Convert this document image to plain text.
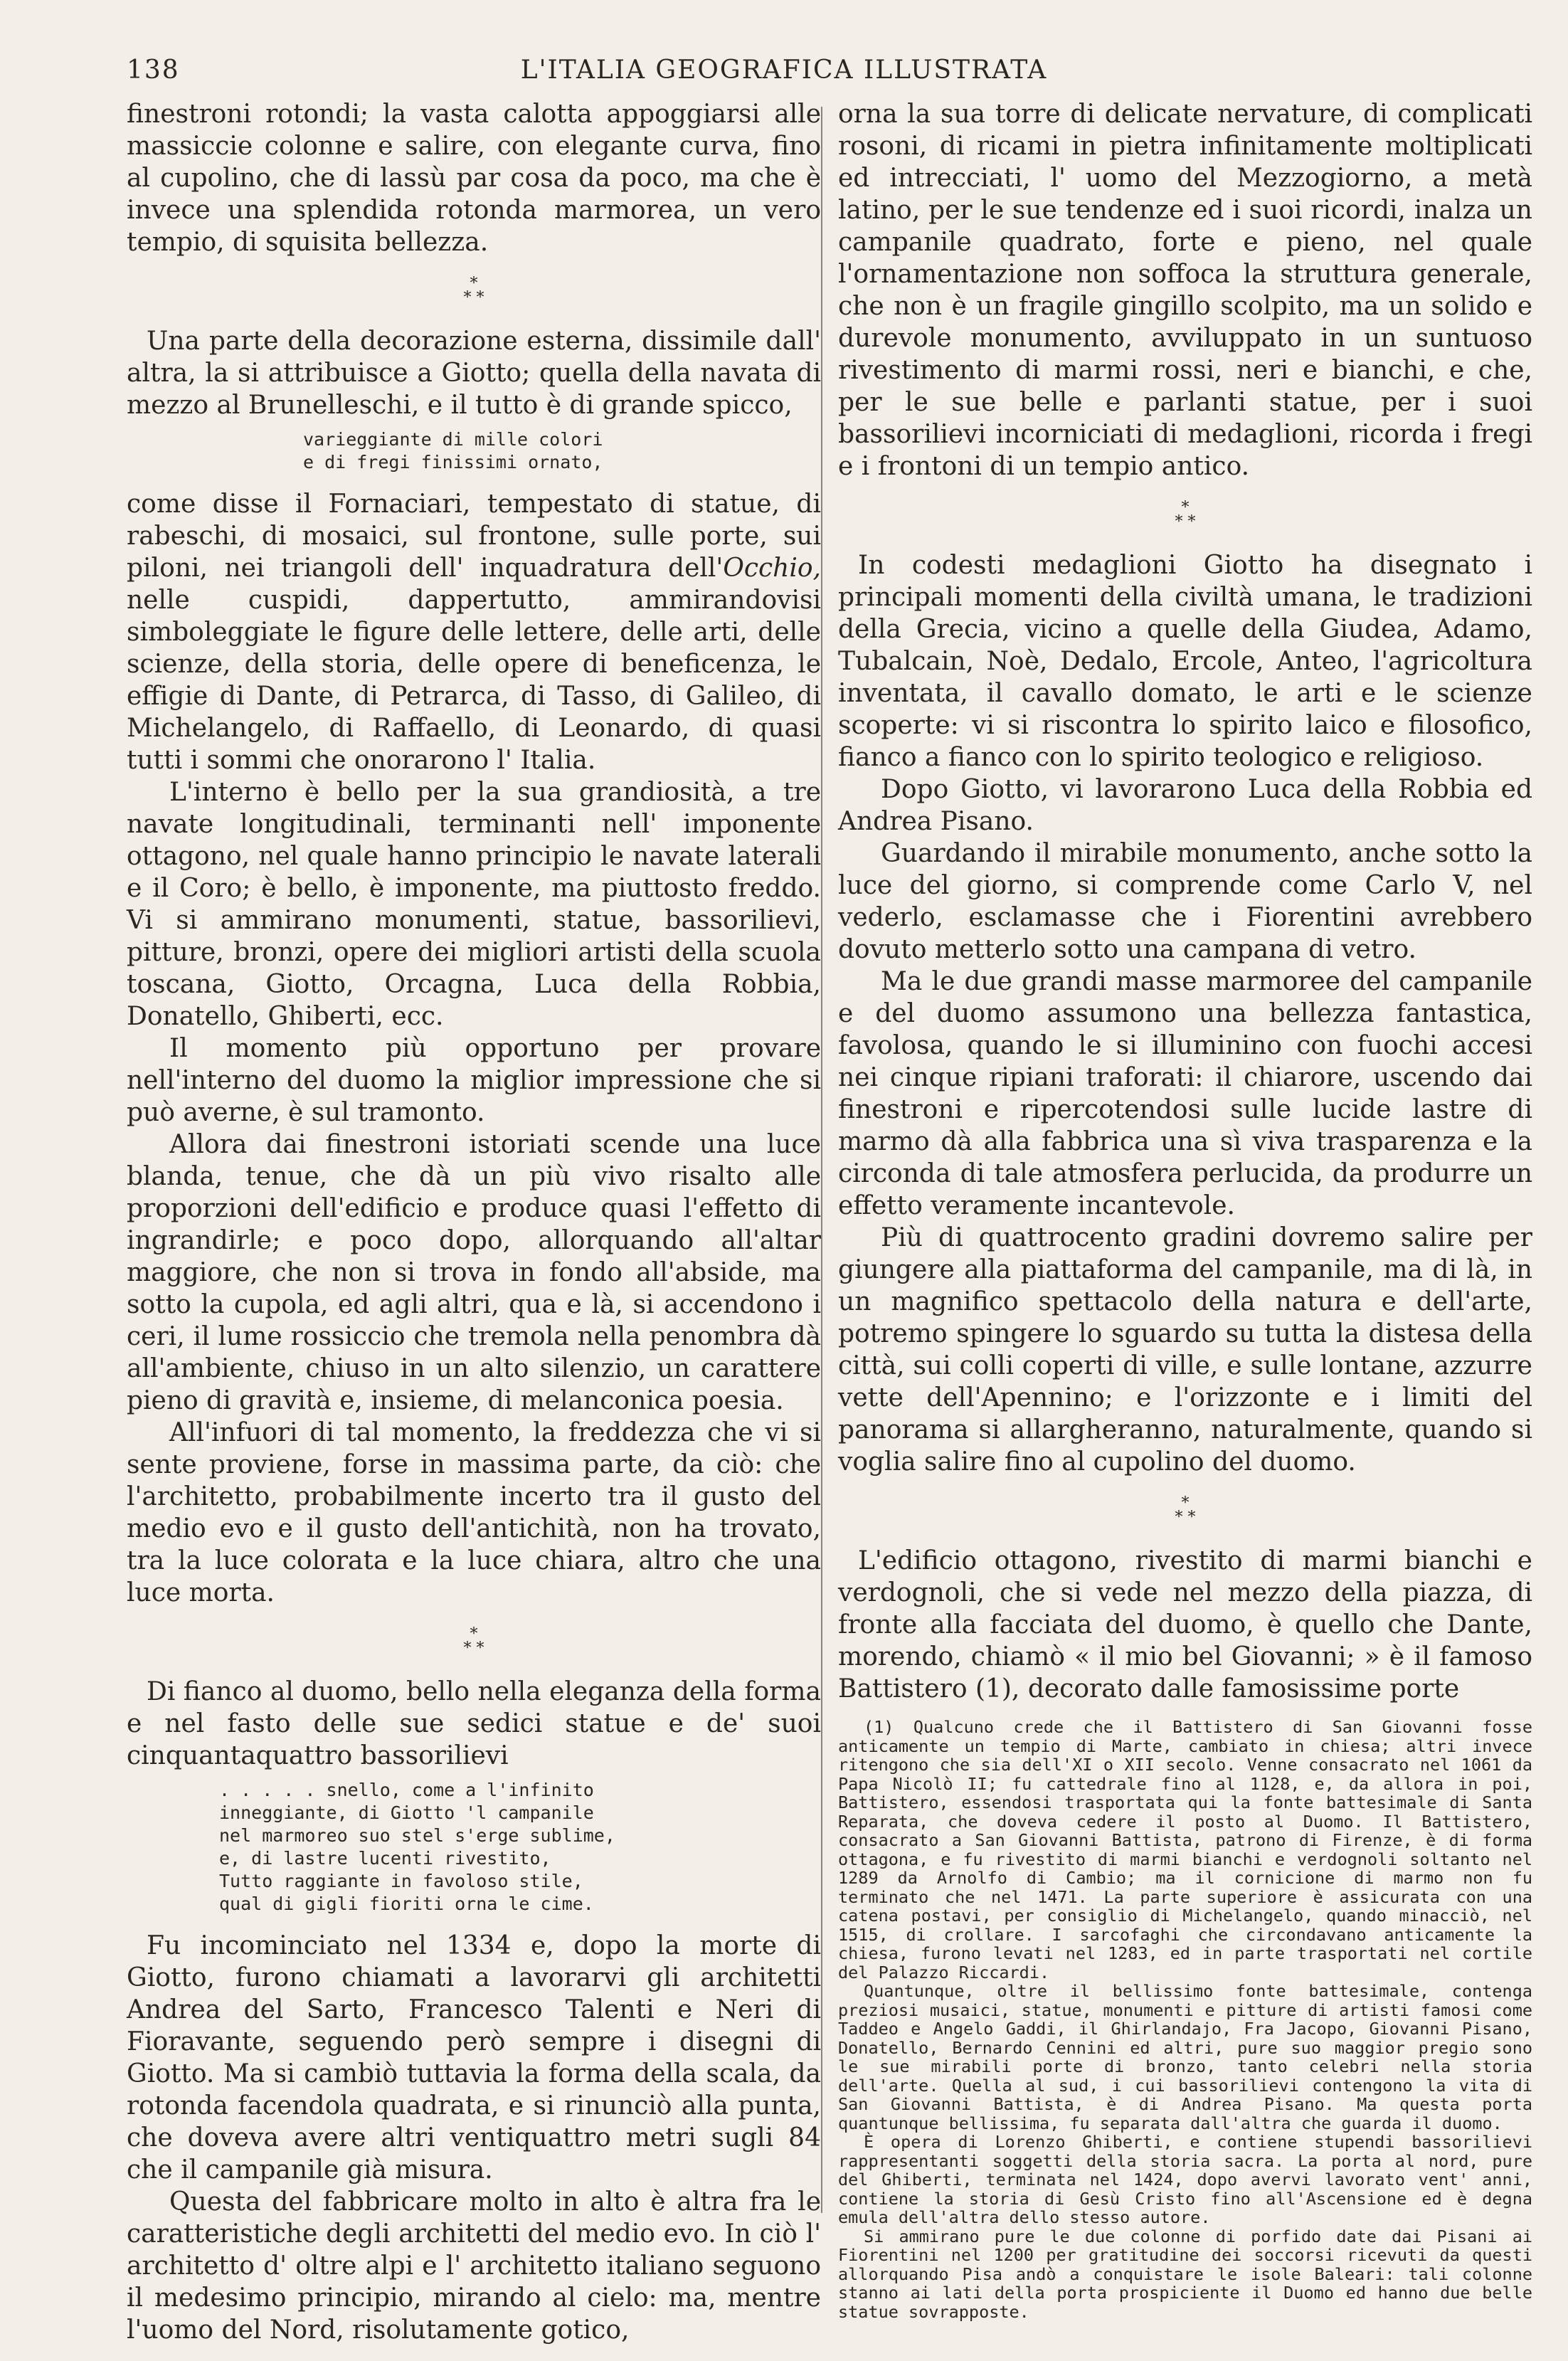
138	L'ITALIA GEOGRAFICA ILLUSTRATA

finestroni rotondi; la vasta calotta appoggiarsi alle massiccie colonne e salire, con elegante curva, fino al cupolino, che di lassù par cosa da poco, ma che è invece una splendida rotonda marmorea, un vero tempio, di squisita bellezza.

*
* *

Una parte della decorazione esterna, dissimile dall' altra, la si attribuisce a Giotto; quella della navata di mezzo al Brunelleschi, e il tutto è di grande spicco,

varieggiante di mille colori
e di fregi finissimi ornato,

come disse il Fornaciari, tempestato di statue, di rabeschi, di mosaici, sul frontone, sulle porte, sui piloni, nei triangoli dell' inquadratura dell'Occhio, nelle cuspidi, dappertutto, ammirandovisi simboleggiate le figure delle lettere, delle arti, delle scienze, della storia, delle opere di beneficenza, le effigie di Dante, di Petrarca, di Tasso, di Galileo, di Michelangelo, di Raffaello, di Leonardo, di quasi tutti i sommi che onorarono l' Italia.

L'interno è bello per la sua grandiosità, a tre navate longitudinali, terminanti nell' imponente ottagono, nel quale hanno principio le navate laterali e il Coro; è bello, è imponente, ma piuttosto freddo. Vi si ammirano monumenti, statue, bassorilievi, pitture, bronzi, opere dei migliori artisti della scuola toscana, Giotto, Orcagna, Luca della Robbia, Donatello, Ghiberti, ecc.

Il momento più opportuno per provare nell'interno del duomo la miglior impressione che si può averne, è sul tramonto.

Allora dai finestroni istoriati scende una luce blanda, tenue, che dà un più vivo risalto alle proporzioni dell'edificio e produce quasi l'effetto di ingrandirle; e poco dopo, allorquando all'altar maggiore, che non si trova in fondo all'abside, ma sotto la cupola, ed agli altri, qua e là, si accendono i ceri, il lume rossiccio che tremola nella penombra dà all'ambiente, chiuso in un alto silenzio, un carattere pieno di gravità e, insieme, di melanconica poesia.

All'infuori di tal momento, la freddezza che vi si sente proviene, forse in massima parte, da ciò: che l'architetto, probabilmente incerto tra il gusto del medio evo e il gusto dell'antichità, non ha trovato, tra la luce colorata e la luce chiara, altro che una luce morta.

*
* *

Di fianco al duomo, bello nella eleganza della forma e nel fasto delle sue sedici statue e de' suoi cinquantaquattro bassorilievi

. . . . . snello, come a l'infinito
inneggiante, di Giotto 'l campanile
nel marmoreo suo stel s'erge sublime,
e, di lastre lucenti rivestito,
Tutto raggiante in favoloso stile,
qual di gigli fioriti orna le cime.

Fu incominciato nel 1334 e, dopo la morte di Giotto, furono chiamati a lavorarvi gli architetti Andrea del Sarto, Francesco Talenti e Neri di Fioravante, seguendo però sempre i disegni di Giotto. Ma si cambiò tuttavia la forma della scala, da rotonda facendola quadrata, e si rinunciò alla punta, che doveva avere altri ventiquattro metri sugli 84 che il campanile già misura.

Questa del fabbricare molto in alto è altra fra le caratteristiche degli architetti del medio evo. In ciò l' architetto d' oltre alpi e l' architetto italiano seguono il medesimo principio, mirando al cielo: ma, mentre l'uomo del Nord, risolutamente gotico,

orna la sua torre di delicate nervature, di complicati rosoni, di ricami in pietra infinitamente moltiplicati ed intrecciati, l' uomo del Mezzogiorno, a metà latino, per le sue tendenze ed i suoi ricordi, inalza un campanile quadrato, forte e pieno, nel quale l'ornamentazione non soffoca la struttura generale, che non è un fragile gingillo scolpito, ma un solido e durevole monumento, avviluppato in un suntuoso rivestimento di marmi rossi, neri e bianchi, e che, per le sue belle e parlanti statue, per i suoi bassorilievi incorniciati di medaglioni, ricorda i fregi e i frontoni di un tempio antico.

*
* *

In codesti medaglioni Giotto ha disegnato i principali momenti della civiltà umana, le tradizioni della Grecia, vicino a quelle della Giudea, Adamo, Tubalcain, Noè, Dedalo, Ercole, Anteo, l'agricoltura inventata, il cavallo domato, le arti e le scienze scoperte: vi si riscontra lo spirito laico e filosofico, fianco a fianco con lo spirito teologico e religioso.

Dopo Giotto, vi lavorarono Luca della Robbia ed Andrea Pisano.

Guardando il mirabile monumento, anche sotto la luce del giorno, si comprende come Carlo V, nel vederlo, esclamasse che i Fiorentini avrebbero dovuto metterlo sotto una campana di vetro.

Ma le due grandi masse marmoree del campanile e del duomo assumono una bellezza fantastica, favolosa, quando le si illuminino con fuochi accesi nei cinque ripiani traforati: il chiarore, uscendo dai finestroni e ripercotendosi sulle lucide lastre di marmo dà alla fabbrica una sì viva trasparenza e la circonda di tale atmosfera perlucida, da produrre un effetto veramente incantevole.

Più di quattrocento gradini dovremo salire per giungere alla piattaforma del campanile, ma di là, in un magnifico spettacolo della natura e dell'arte, potremo spingere lo sguardo su tutta la distesa della città, sui colli coperti di ville, e sulle lontane, azzurre vette dell'Apennino; e l'orizzonte e i limiti del panorama si allargheranno, naturalmente, quando si voglia salire fino al cupolino del duomo.

*
* *

L'edificio ottagono, rivestito di marmi bianchi e verdognoli, che si vede nel mezzo della piazza, di fronte alla facciata del duomo, è quello che Dante, morendo, chiamò « il mio bel Giovanni; » è il famoso Battistero (1), decorato dalle famosissime porte

(1) Qualcuno crede che il Battistero di San Giovanni fosse anticamente un tempio di Marte, cambiato in chiesa; altri invece ritengono che sia dell'XI o XII secolo. Venne consacrato nel 1061 da Papa Nicolò II; fu cattedrale fino al 1128, e, da allora in poi, Battistero, essendosi trasportata qui la fonte battesimale di Santa Reparata, che doveva cedere il posto al Duomo. Il Battistero, consacrato a San Giovanni Battista, patrono di Firenze, è di forma ottagona, e fu rivestito di marmi bianchi e verdognoli soltanto nel 1289 da Arnolfo di Cambio; ma il cornicione di marmo non fu terminato che nel 1471. La parte superiore è assicurata con una catena postavi, per consiglio di Michelangelo, quando minacciò, nel 1515, di crollare. I sarcofaghi che circondavano anticamente la chiesa, furono levati nel 1283, ed in parte trasportati nel cortile del Palazzo Riccardi.

Quantunque, oltre il bellissimo fonte battesimale, contenga preziosi musaici, statue, monumenti e pitture di artisti famosi come Taddeo e Angelo Gaddi, il Ghirlandajo, Fra Jacopo, Giovanni Pisano, Donatello, Bernardo Cennini ed altri, pure suo maggior pregio sono le sue mirabili porte di bronzo, tanto celebri nella storia dell'arte. Quella al sud, i cui bassorilievi contengono la vita di San Giovanni Battista, è di Andrea Pisano. Ma questa porta quantunque bellissima, fu separata dall'altra che guarda il duomo.

È opera di Lorenzo Ghiberti, e contiene stupendi bassorilievi rappresentanti soggetti della storia sacra. La porta al nord, pure del Ghiberti, terminata nel 1424, dopo avervi lavorato vent' anni, contiene la storia di Gesù Cristo fino all'Ascensione ed è degna emula dell'altra dello stesso autore.

Si ammirano pure le due colonne di porfido date dai Pisani ai Fiorentini nel 1200 per gratitudine dei soccorsi ricevuti da questi allorquando Pisa andò a conquistare le isole Baleari: tali colonne stanno ai lati della porta prospiciente il Duomo ed hanno due belle statue sovrapposte.
